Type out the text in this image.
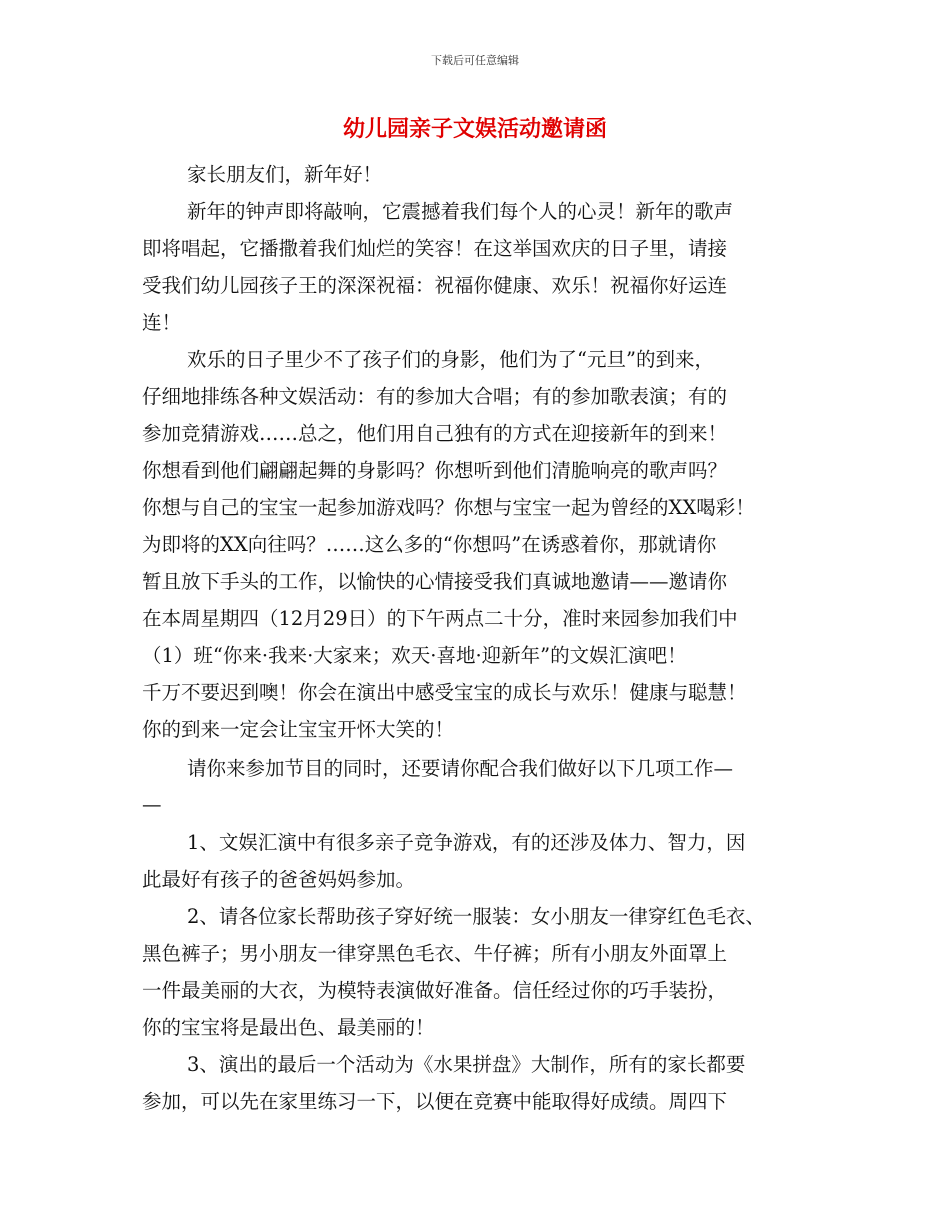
下载后可任意编辑
幼儿园亲子文娱活动邀请函
家长朋友们，新年好！
新年的钟声即将敲响，它震撼着我们每个人的心灵！新年的歌声
即将唱起，它播撒着我们灿烂的笑容！在这举国欢庆的日子里，请接
受我们幼儿园孩子王的深深祝福：祝福你健康、欢乐！祝福你好运连
连！
欢乐的日子里少不了孩子们的身影，他们为了“元旦”的到来，
仔细地排练各种文娱活动：有的参加大合唱；有的参加歌表演；有的
参加竞猜游戏……总之，他们用自己独有的方式在迎接新年的到来！
你想看到他们翩翩起舞的身影吗？你想听到他们清脆响亮的歌声吗？
你想与自己的宝宝一起参加游戏吗？你想与宝宝一起为曾经的XX喝彩！
为即将的XX向往吗？……这么多的“你想吗”在诱惑着你，那就请你
暂且放下手头的工作，以愉快的心情接受我们真诚地邀请——邀请你
在本周星期四（12月29日）的下午两点二十分，准时来园参加我们中
（1）班“你来·我来·大家来；欢天·喜地·迎新年”的文娱汇演吧！
千万不要迟到噢！你会在演出中感受宝宝的成长与欢乐！健康与聪慧！
你的到来一定会让宝宝开怀大笑的！
请你来参加节目的同时，还要请你配合我们做好以下几项工作—
—
1、文娱汇演中有很多亲子竞争游戏，有的还涉及体力、智力，因
此最好有孩子的爸爸妈妈参加。
2、请各位家长帮助孩子穿好统一服装：女小朋友一律穿红色毛衣、
黑色裤子；男小朋友一律穿黑色毛衣、牛仔裤；所有小朋友外面罩上
一件最美丽的大衣，为模特表演做好准备。信任经过你的巧手装扮，
你的宝宝将是最出色、最美丽的！
3、演出的最后一个活动为《水果拼盘》大制作，所有的家长都要
参加，可以先在家里练习一下，以便在竞赛中能取得好成绩。周四下
